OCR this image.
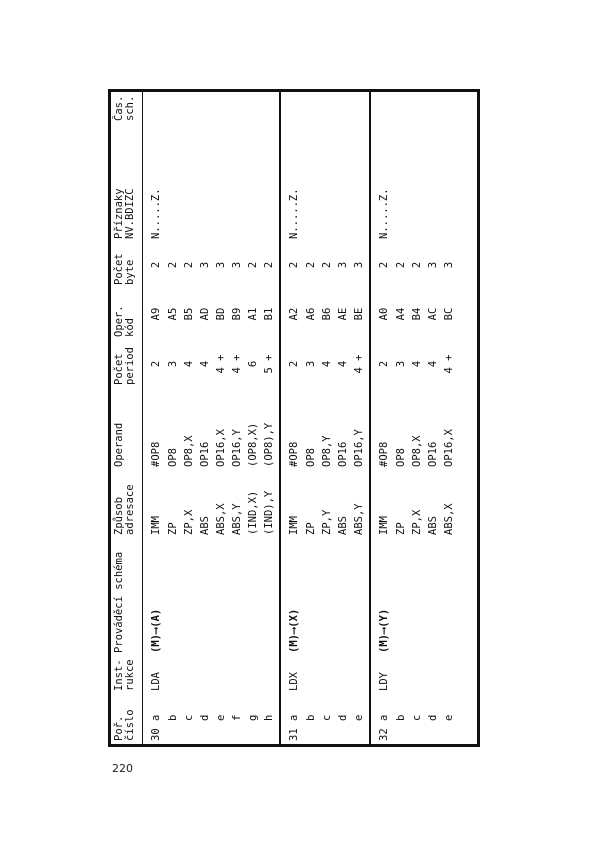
Poř. číslo	Inst- rukce	Prováděcí schéma	Způsob adresace	Operand	Počet period	Oper. kód	Počet byte	Příznaky NV.BDIZC	Čas. sch.

30a	LDA	(M)⟶(A)	IMM	#OP8	2	A9	2	N.....Z.	
b			ZP	OP8	3	A5	2		
c			ZP,X	OP8,X	4	B5	2		
d			ABS	OP16	4	AD	3		
e			ABS,X	OP16,X	4 +	BD	3		
f			ABS,Y	OP16,Y	4 +	B9	3		
g			(IND,X)	(OP8,X)	6	A1	2		
h			(IND),Y	(OP8),Y	5 +	B1	2		
31a	LDX	(M)⟶(X)	IMM	#OP8	2	A2	2	N.....Z.	
b			ZP	OP8	3	A6	2		
c			ZP,Y	OP8,Y	4	B6	2		
d			ABS	OP16	4	AE	3		
e			ABS,Y	OP16,Y	4 +	BE	3		
32a	LDY	(M)⟶(Y)	IMM	#OP8	2	A0	2	N.....Z.	
b			ZP	OP8	3	A4	2		
c			ZP,X	OP8,X	4	B4	2		
d			ABS	OP16	4	AC	3		
e			ABS,X	OP16,X	4 +	BC	3		
220
